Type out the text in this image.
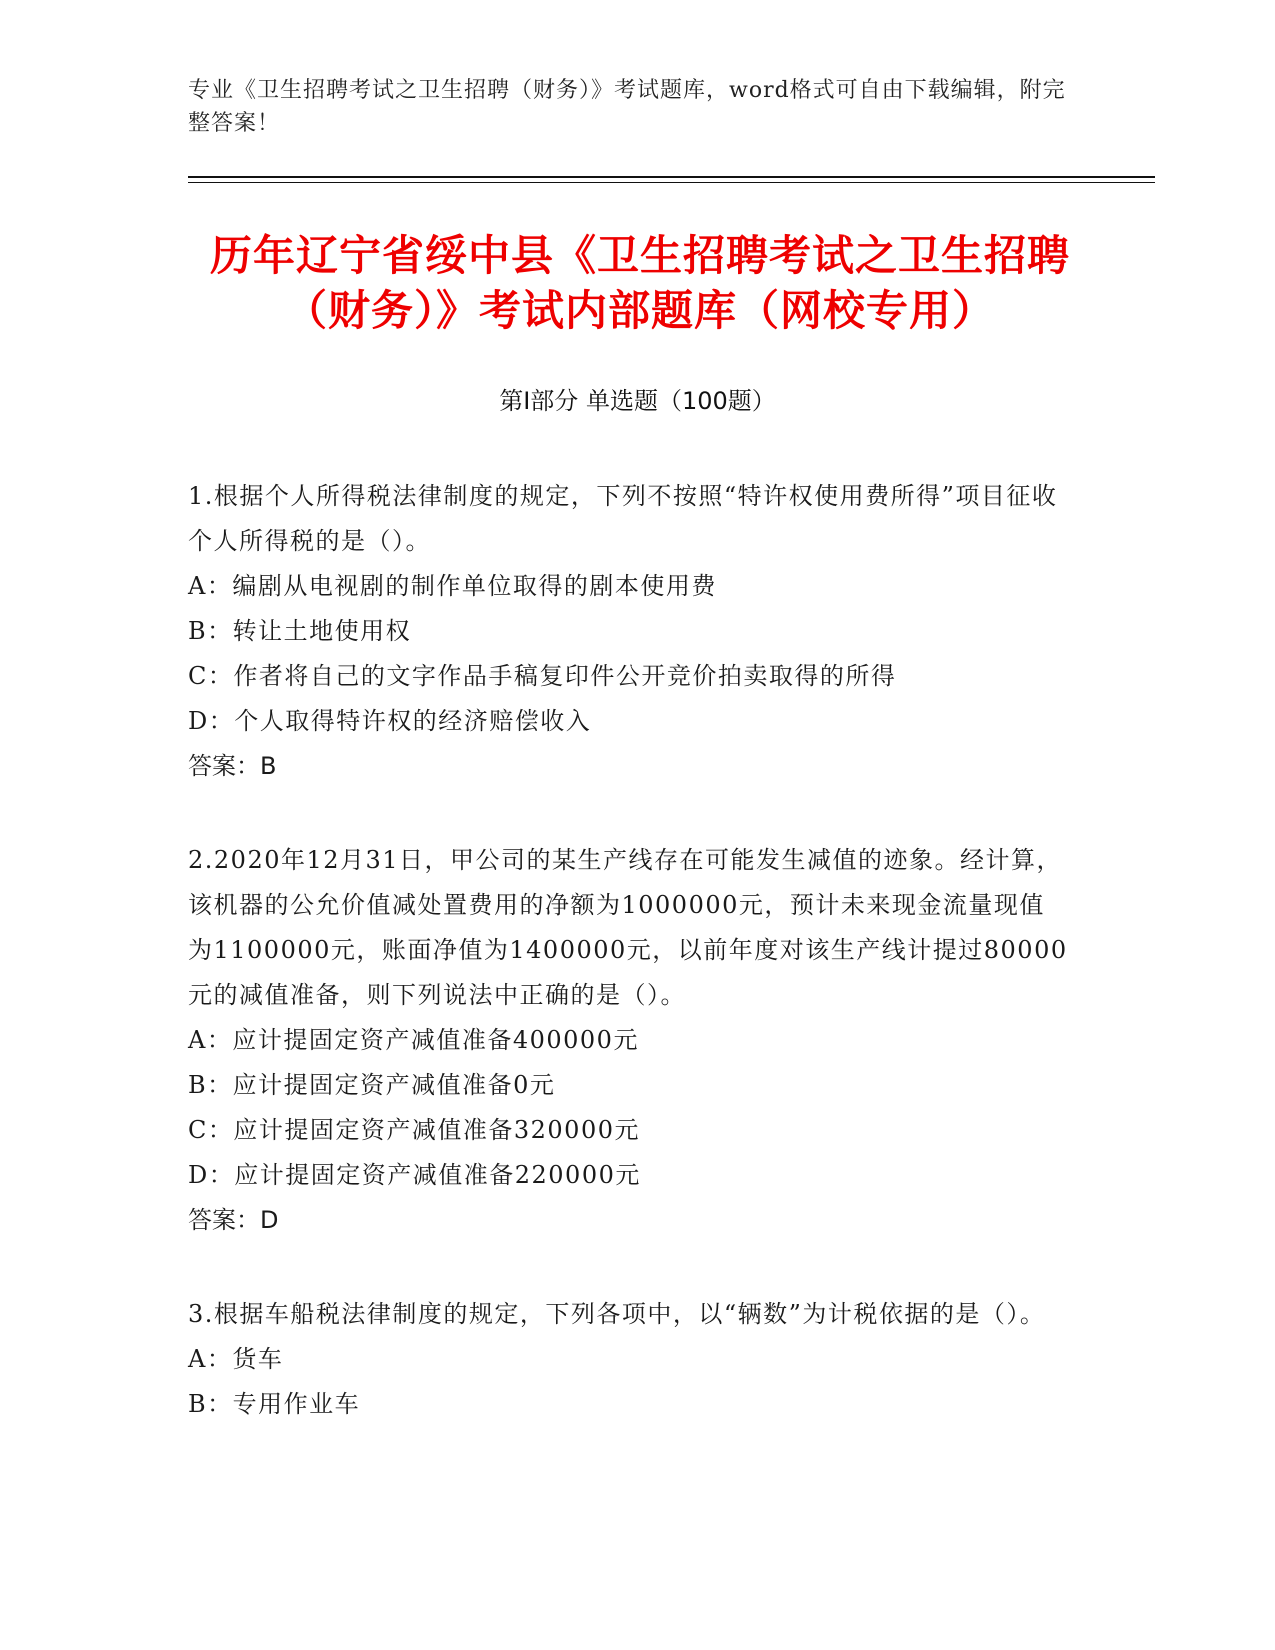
专业《卫生招聘考试之卫生招聘（财务）》考试题库，word格式可自由下载编辑，附完整答案！
历年辽宁省绥中县《卫生招聘考试之卫生招聘（财务）》考试内部题库（网校专用）
第Ⅰ部分 单选题（100题）
1.根据个人所得税法律制度的规定，下列不按照“特许权使用费所得”项目征收个人所得税的是（）。
A：编剧从电视剧的制作单位取得的剧本使用费
B：转让土地使用权
C：作者将自己的文字作品手稿复印件公开竞价拍卖取得的所得
D：个人取得特许权的经济赔偿收入
答案：B
2.2020年12月31日，甲公司的某生产线存在可能发生减值的迹象。经计算，该机器的公允价值减处置费用的净额为1000000元，预计未来现金流量现值为1100000元，账面净值为1400000元，以前年度对该生产线计提过80000元的减值准备，则下列说法中正确的是（）。
A：应计提固定资产减值准备400000元
B：应计提固定资产减值准备0元
C：应计提固定资产减值准备320000元
D：应计提固定资产减值准备220000元
答案：D
3.根据车船税法律制度的规定，下列各项中，以“辆数”为计税依据的是（）。
A：货车
B：专用作业车
